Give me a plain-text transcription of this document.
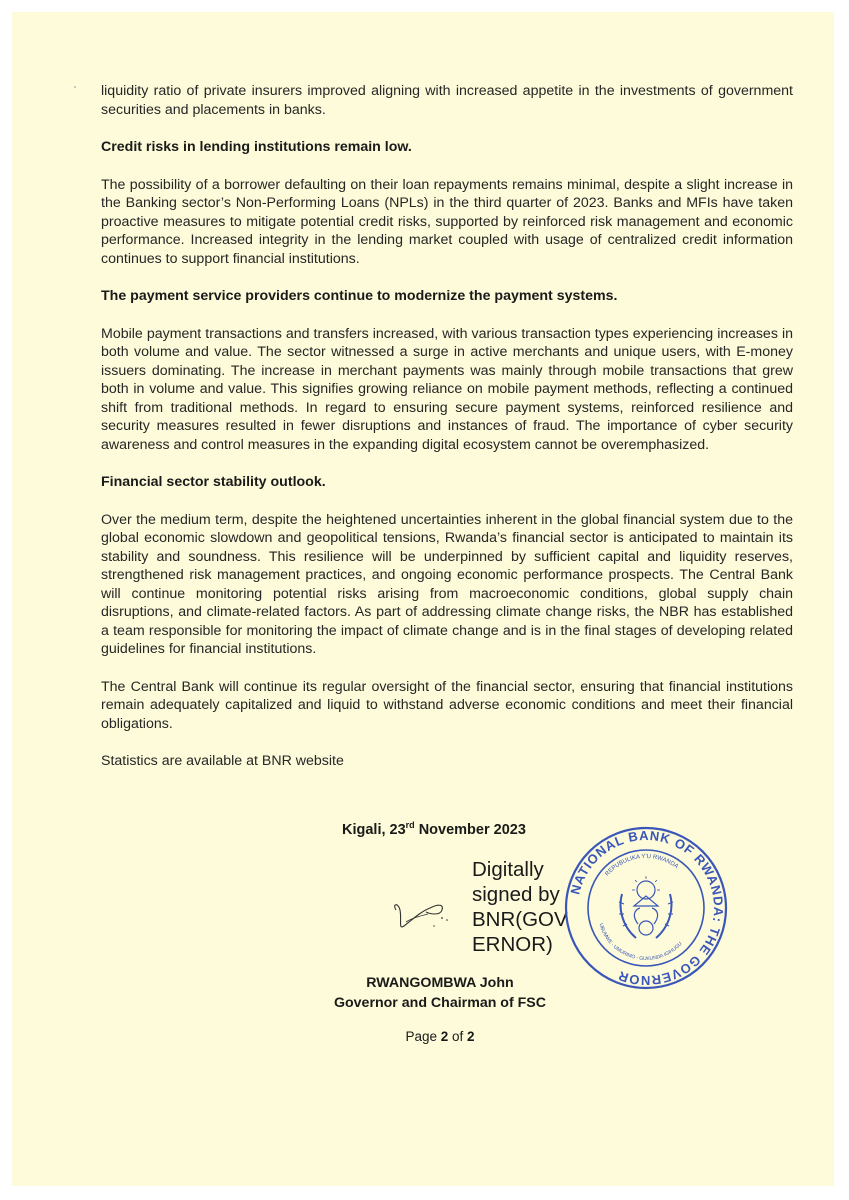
liquidity ratio of private insurers improved aligning with increased appetite in the investments of government securities and placements in banks.

Credit risks in lending institutions remain low.

The possibility of a borrower defaulting on their loan repayments remains minimal, despite a slight increase in the Banking sector’s Non-Performing Loans (NPLs) in the third quarter of 2023. Banks and MFIs have taken proactive measures to mitigate potential credit risks, supported by reinforced risk management and economic performance. Increased integrity in the lending market coupled with usage of centralized credit information continues to support financial institutions.

The payment service providers continue to modernize the payment systems.

Mobile payment transactions and transfers increased, with various transaction types experiencing increases in both volume and value. The sector witnessed a surge in active merchants and unique users, with E-money issuers dominating. The increase in merchant payments was mainly through mobile transactions that grew both in volume and value. This signifies growing reliance on mobile payment methods, reflecting a continued shift from traditional methods. In regard to ensuring secure payment systems, reinforced resilience and security measures resulted in fewer disruptions and instances of fraud. The importance of cyber security awareness and control measures in the expanding digital ecosystem cannot be overemphasized.

Financial sector stability outlook.

Over the medium term, despite the heightened uncertainties inherent in the global financial system due to the global economic slowdown and geopolitical tensions, Rwanda’s financial sector is anticipated to maintain its stability and soundness. This resilience will be underpinned by sufficient capital and liquidity reserves, strengthened risk management practices, and ongoing economic performance prospects. The Central Bank will continue monitoring potential risks arising from macroeconomic conditions, global supply chain disruptions, and climate-related factors. As part of addressing climate change risks, the NBR has established a team responsible for monitoring the impact of climate change and is in the final stages of developing related guidelines for financial institutions.

The Central Bank will continue its regular oversight of the financial sector, ensuring that financial institutions remain adequately capitalized and liquid to withstand adverse economic conditions and meet their financial obligations.

Statistics are available at BNR website

Kigali, 23rd November 2023
Digitally
signed by
BNR(GOV
ERNOR)
NATIONAL BANK OF RWANDA: THE GOVERNOR
REPUBULIKA Y'U RWANDA
UBUMWE - UMURIMO - GUKUNDA IGIHUGU
RWANGOMBWA John
Governor and Chairman of FSC
Page 2 of 2
